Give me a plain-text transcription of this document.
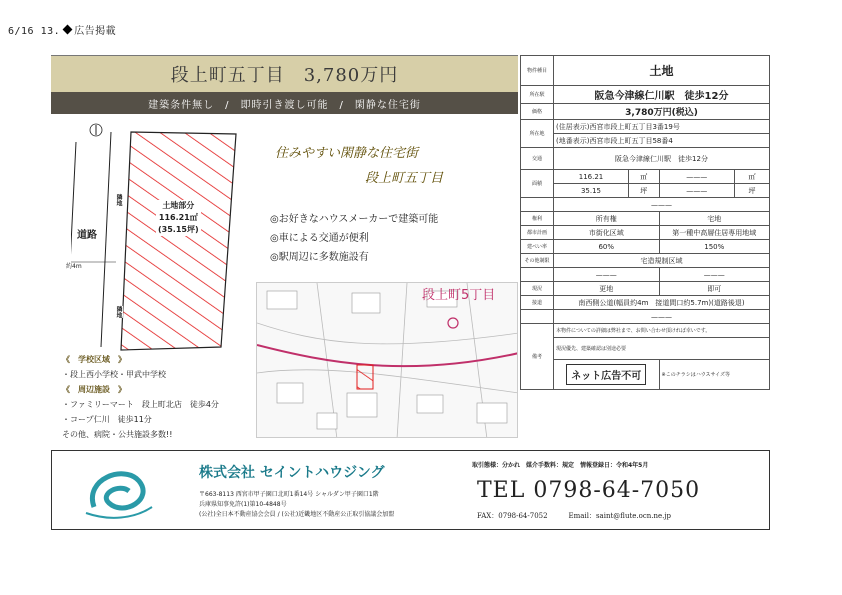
6/16 13. 広告掲載
段上町五丁目　3,780万円
建築条件無し　/　即時引き渡し可能　/　閑静な住宅街
道路
約4m
土地部分
116.21㎡
(35.15坪)
隣地
隣地
住みやすい閑静な住宅街
段上町五丁目
◎お好きなハウスメーカーで建築可能
◎車による交通が便利
◎駅周辺に多数施設有
段上町5丁目
《　学校区域　》
・段上西小学校・甲武中学校
《　周辺施設　》
・ファミリーマート　段上町北店　徒歩4分
・コープ仁川　徒歩11分
その他、病院・公共施設多数!!
物件種目	土地			
所在駅	阪急今津線仁川駅　徒歩12分			
価格	3,780万円(税込)			
所在地	(住居表示)西宮市段上町五丁目3番19号			
	(地番表示)西宮市段上町五丁目58番4			
交通	阪急今津線仁川駅　徒歩12分			
面積	116.21	㎡	———	㎡
	35.15	坪	———	坪
	———			
権利	所有権		宅地	
都市計画	市街化区域		第一種中高層住居専用地域	
建ぺい率	60%		150%	
その他制限	宅造規制区域			
	———		———	
現況	更地		即可	
接道	南西側公道(幅員約4m　接道間口約5.7m)(道路後退)			
	———			
備考	本物件についての詳細は弊社まで、お問い合わせ頂ければ幸いです。			
	現況優先、建築確認は別途必要			
	ネット広告不可		※このチラシはハウスサイズ等	
株式会社 セイントハウジング
〒663-8113 西宮市甲子園口北町1番14号 シャルダン甲子園口1階
兵庫県知事免許(1)第10-4848号
(公社)全日本不動産協会会員 / (公社)近畿地区不動産公正取引協議会加盟
取引態様：分かれ　媒介手数料：規定　情報登録日：令和4年5月
TEL 0798-64-7050
FAX：0798-64-7052　　　Email：saint@flute.ocn.ne.jp
